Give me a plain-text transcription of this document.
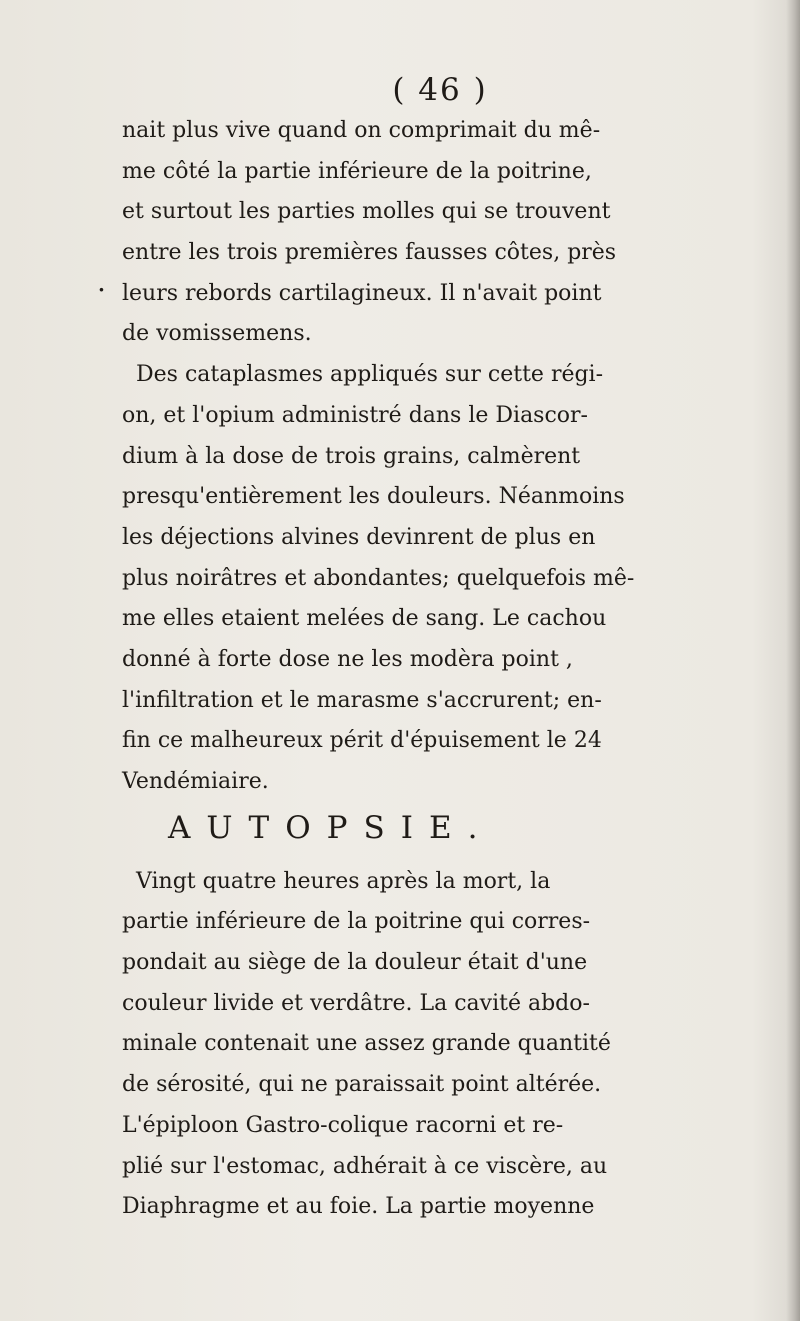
( 46 )
.
nait plus vive quand on comprimait du mê-
me côté la partie inférieure de la poitrine,
et surtout les parties molles qui se trouvent
entre les trois premières fausses côtes, près
leurs rebords cartilagineux. Il n'avait point
de vomissemens.
Des cataplasmes appliqués sur cette régi-
on, et l'opium administré dans le Diascor-
dium à la dose de trois grains, calmèrent
presqu'entièrement les douleurs. Néanmoins
les déjections alvines devinrent de plus en
plus noirâtres et abondantes; quelquefois mê-
me elles etaient melées de sang. Le cachou
donné à forte dose ne les modèra point ,
l'infiltration et le marasme s'accrurent; en-
fin ce malheureux périt d'épuisement le 24
Vendémiaire.
AUTOPSIE.
Vingt quatre heures après la mort, la
partie inférieure de la poitrine qui corres-
pondait au siège de la douleur était d'une
couleur livide et verdâtre. La cavité abdo-
minale contenait une assez grande quantité
de sérosité, qui ne paraissait point altérée.
L'épiploon Gastro-colique racorni et re-
plié sur l'estomac, adhérait à ce viscère, au
Diaphragme et au foie. La partie moyenne
